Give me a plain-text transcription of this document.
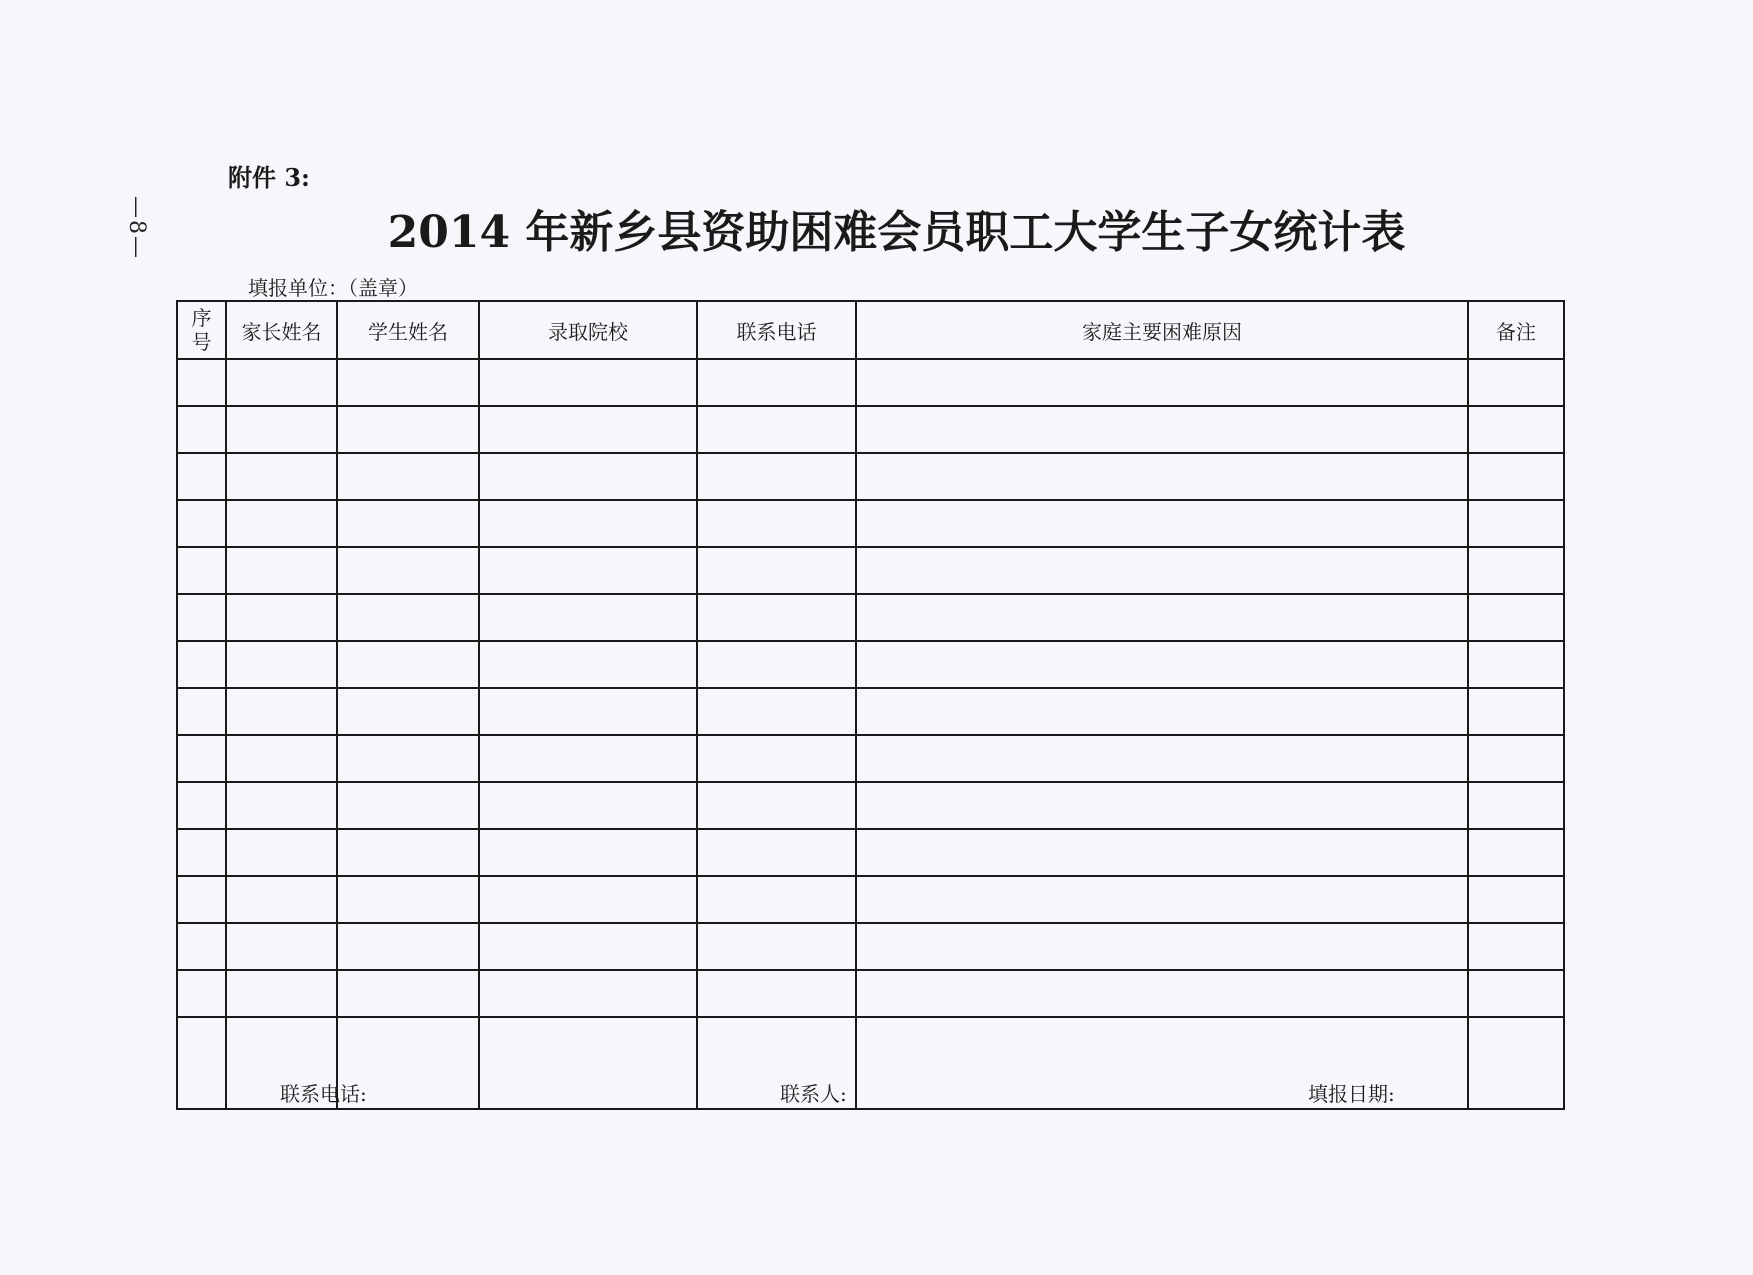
—8—
附件 3:
2014 年新乡县资助困难会员职工大学生子女统计表
填报单位：（盖章）
序号	家长姓名	学生姓名	录取院校	联系电话	家庭主要困难原因	备注

联系电话:	联系人:	填报日期:
